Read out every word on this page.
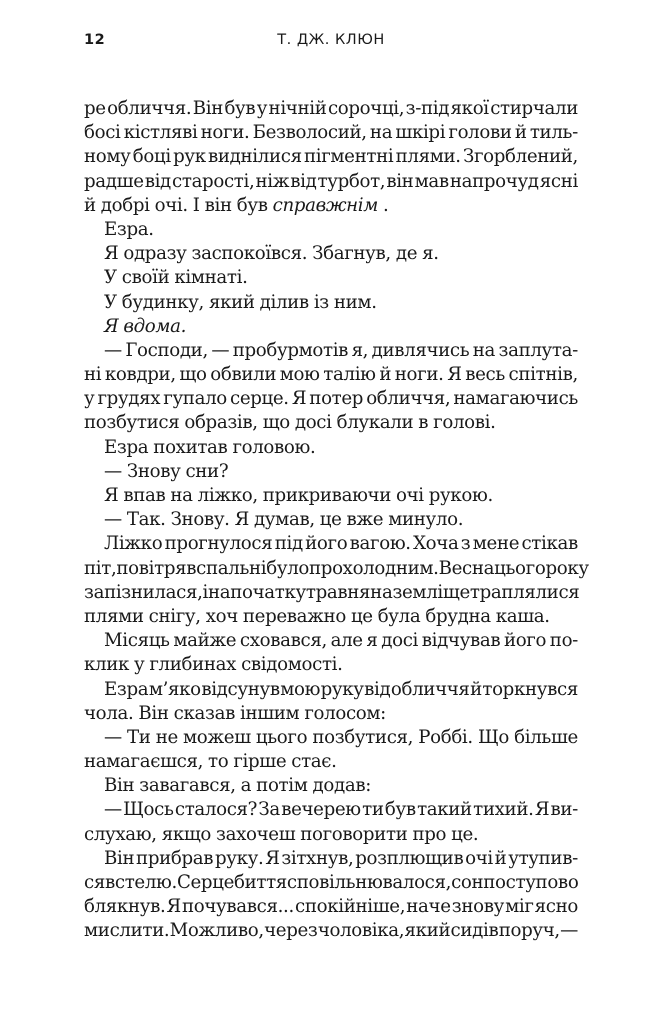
12	Т. ДЖ. КЛЮН
ре обличчя. Він був у нічній сорочці, з-під якої стирчали
босі кістляві ноги. Безволосий, на шкірі голови й тиль-
ному боці рук виднілися пігментні плями. Згорблений,
радше від старості, ніж від турбот, він мав напрочуд ясні
й добрі очі. І він був справжнім .
Езра.
Я одразу заспокоївся. Збагнув, де я.
У своїй кімнаті.
У будинку, який ділив із ним.
Я вдома.
— Господи, — пробурмотів я, дивлячись на заплута-
ні ковдри, що обвили мою талію й ноги. Я весь спітнів,
у грудях гупало серце. Я потер обличчя, намагаючись
позбутися образів, що досі блукали в голові.
Езра похитав головою.
— Знову сни?
Я впав на ліжко, прикриваючи очі рукою.
— Так. Знову. Я думав, це вже минуло.
Ліжко прогнулося під його вагою. Хоча з мене стікав
піт, повітря в спальні було прохолодним. Весна цього року
запізнилася, і на початку травня на землі ще траплялися
плями снігу, хоч переважно це була брудна каша.
Місяць майже сховався, але я досі відчував його по-
клик у глибинах свідомості.
Езра м’яко відсунув мою руку від обличчя й торкнувся
чола. Він сказав іншим голосом:
— Ти не можеш цього позбутися, Роббі. Що більше
намагаєшся, то гірше стає.
Він завагався, а потім додав:
— Щось сталося? За вечерею ти був такий тихий. Я ви-
слухаю, якщо захочеш поговорити про це.
Він прибрав руку. Я зітхнув, розплющив очі й утупив-
ся в стелю. Серцебиття сповільнювалося, сон поступово
блякнув. Я почувався... спокійніше, наче знову міг ясно
мислити. Можливо, через чоловіка, який сидів поруч, —
